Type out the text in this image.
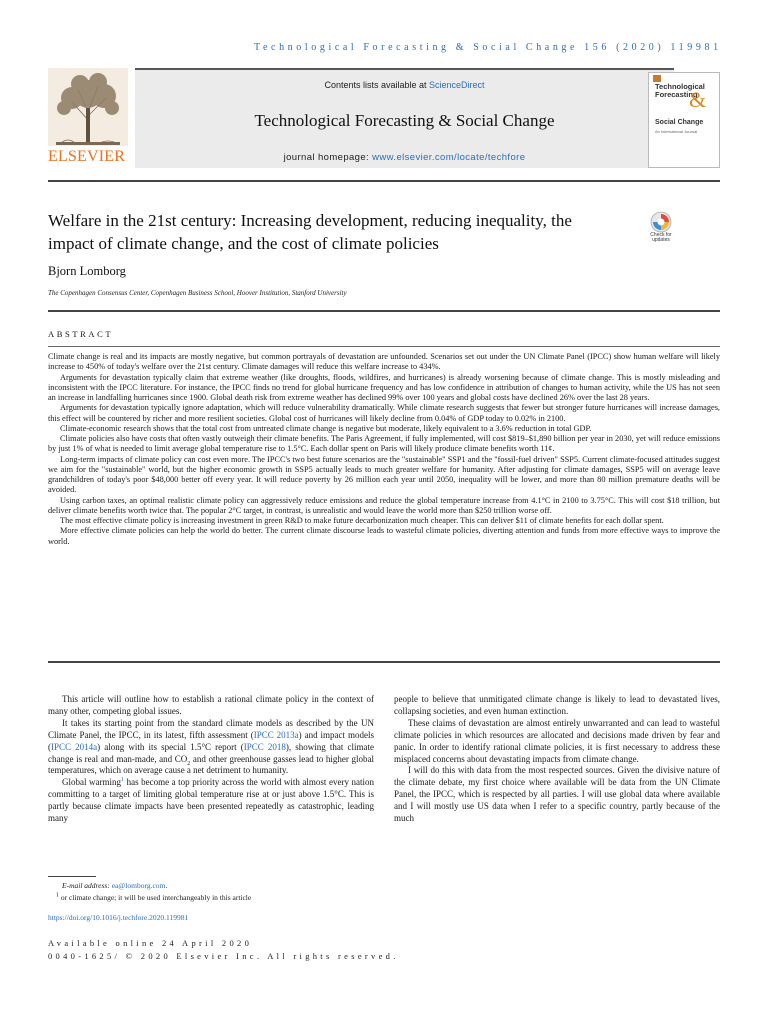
Technological Forecasting & Social Change 156 (2020) 119981
ELSEVIER
Contents lists available at ScienceDirect
Technological Forecasting & Social Change
journal homepage: www.elsevier.com/locate/techfore
Technological Forecasting
&
Social Change
An International Journal
Welfare in the 21st century: Increasing development, reducing inequality, the impact of climate change, and the cost of climate policies	Check for updates
Bjorn Lomborg
The Copenhagen Consensus Center, Copenhagen Business School, Hoover Institution, Stanford University
ABSTRACT

Climate change is real and its impacts are mostly negative, but common portrayals of devastation are unfounded. Scenarios set out under the UN Climate Panel (IPCC) show human welfare will likely increase to 450% of today's welfare over the 21st century. Climate damages will reduce this welfare increase to 434%.

Arguments for devastation typically claim that extreme weather (like droughts, floods, wildfires, and hurricanes) is already worsening because of climate change. This is mostly misleading and inconsistent with the IPCC literature. For instance, the IPCC finds no trend for global hurricane frequency and has low confidence in attribution of changes to human activity, while the US has not seen an increase in landfalling hurricanes since 1900. Global death risk from extreme weather has declined 99% over 100 years and global costs have declined 26% over the last 28 years.

Arguments for devastation typically ignore adaptation, which will reduce vulnerability dramatically. While climate research suggests that fewer but stronger future hurricanes will increase damages, this effect will be countered by richer and more resilient societies. Global cost of hurricanes will likely decline from 0.04% of GDP today to 0.02% in 2100.

Climate-economic research shows that the total cost from untreated climate change is negative but moderate, likely equivalent to a 3.6% reduction in total GDP.

Climate policies also have costs that often vastly outweigh their climate benefits. The Paris Agreement, if fully implemented, will cost $819–$1,890 billion per year in 2030, yet will reduce emissions by just 1% of what is needed to limit average global temperature rise to 1.5°C. Each dollar spent on Paris will likely produce climate benefits worth 11¢.

Long-term impacts of climate policy can cost even more. The IPCC's two best future scenarios are the "sustainable" SSP1 and the "fossil-fuel driven" SSP5. Current climate-focused attitudes suggest we aim for the "sustainable" world, but the higher economic growth in SSP5 actually leads to much greater welfare for humanity. After adjusting for climate damages, SSP5 will on average leave grandchildren of today's poor $48,000 better off every year. It will reduce poverty by 26 million each year until 2050, inequality will be lower, and more than 80 million premature deaths will be avoided.

Using carbon taxes, an optimal realistic climate policy can aggressively reduce emissions and reduce the global temperature increase from 4.1°C in 2100 to 3.75°C. This will cost $18 trillion, but deliver climate benefits worth twice that. The popular 2°C target, in contrast, is unrealistic and would leave the world more than $250 trillion worse off.

The most effective climate policy is increasing investment in green R&D to make future decarbonization much cheaper. This can deliver $11 of climate benefits for each dollar spent.

More effective climate policies can help the world do better. The current climate discourse leads to wasteful climate policies, diverting attention and funds from more effective ways to improve the world.

This article will outline how to establish a rational climate policy in the context of many other, competing global issues.

It takes its starting point from the standard climate models as described by the UN Climate Panel, the IPCC, in its latest, fifth assessment (IPCC 2013a) and impact models (IPCC 2014a) along with its special 1.5°C report (IPCC 2018), showing that climate change is real and man-made, and $CO_2$ and other greenhouse gasses lead to higher global temperatures, which on average cause a net detriment to humanity.

Global warming$^1$ has become a top priority across the world with almost every nation committing to a target of limiting global temperature rise at or just above 1.5°C. This is partly because climate impacts have been presented repeatedly as catastrophic, leading many

people to believe that unmitigated climate change is likely to lead to devastated lives, collapsing societies, and even human extinction.

These claims of devastation are almost entirely unwarranted and can lead to wasteful climate policies in which resources are allocated and decisions made driven by fear and panic. In order to identify rational climate policies, it is first necessary to address these misplaced concerns about devastating impacts from climate change.

I will do this with data from the most respected sources. Given the divisive nature of the climate debate, my first choice where available will be data from the UN Climate Panel, the IPCC, which is respected by all parties. I will use global data where available and I will mostly use US data when I refer to a specific country, partly because of the much

E-mail address: ea@lomborg.com.
$^1$ or climate change; it will be used interchangeably in this article
https://doi.org/10.1016/j.techfore.2020.119981
Available online 24 April 2020
0040-1625/ © 2020 Elsevier Inc. All rights reserved.
